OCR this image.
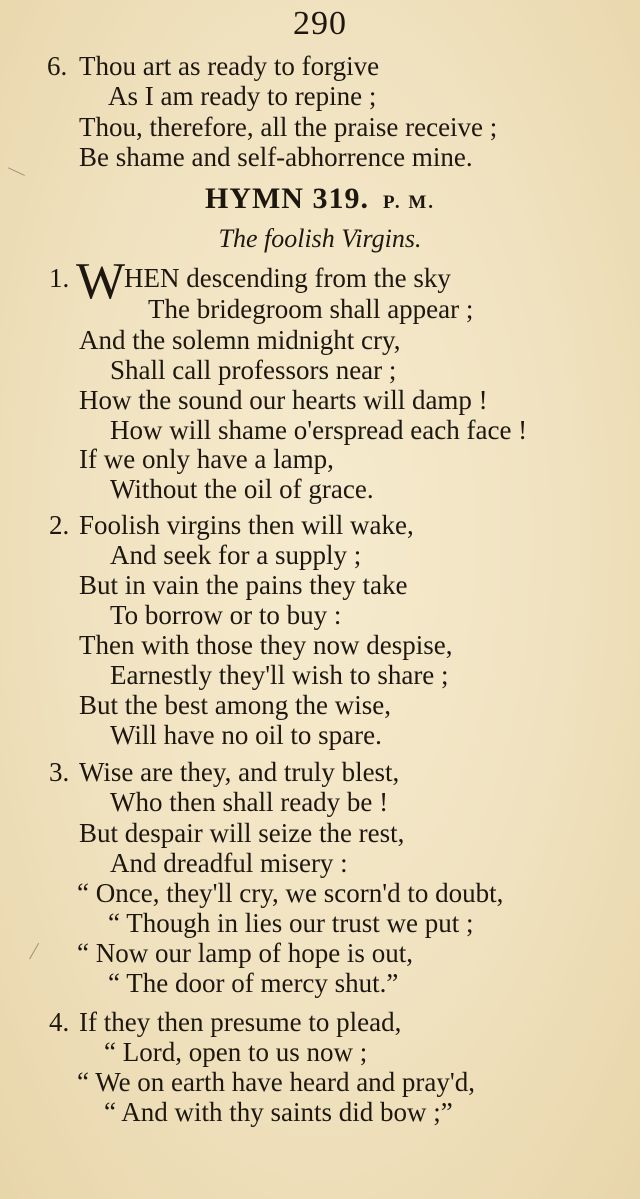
290
—
6. Thou art as ready to forgive
As I am ready to repine ;
Thou, therefore, all the praise receive ;
Be shame and self-abhorrence mine.
HYMN 319. P. M.
The foolish Virgins.
1. W
HEN descending from the sky
The bridegroom shall appear ;
And the solemn midnight cry,
Shall call professors near ;
How the sound our hearts will damp !
How will shame o'erspread each face !
If we only have a lamp,
Without the oil of grace.
2. Foolish virgins then will wake,
And seek for a supply ;
But in vain the pains they take
To borrow or to buy :
Then with those they now despise,
Earnestly they'll wish to share ;
But the best among the wise,
Will have no oil to spare.
3. Wise are they, and truly blest,
Who then shall ready be !
But despair will seize the rest,
And dreadful misery :
“ Once, they'll cry, we scorn'd to doubt,
“ Though in lies our trust we put ;
“ Now our lamp of hope is out,
“ The door of mercy shut.”
—
4. If they then presume to plead,
“ Lord, open to us now ;
“ We on earth have heard and pray'd,
“ And with thy saints did bow ;”
